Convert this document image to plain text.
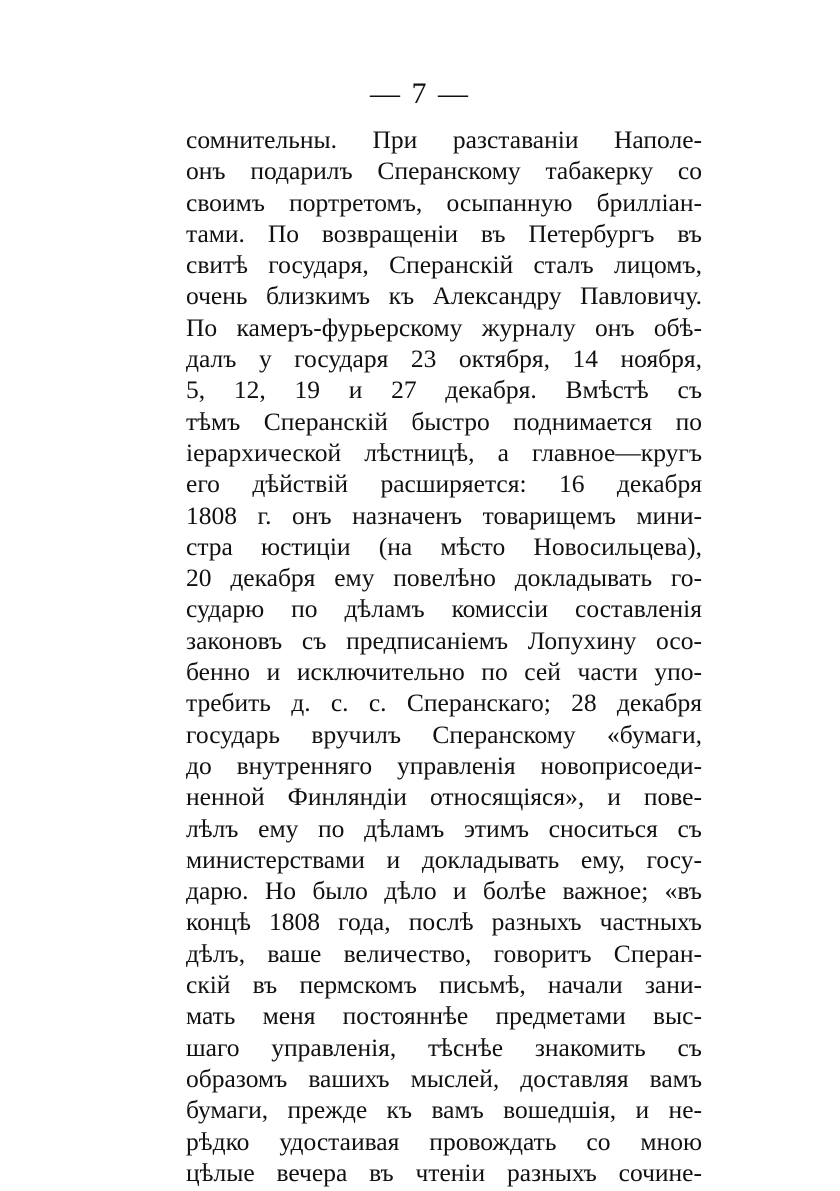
— 7 —
сомнительны. При разставанiи Наполе-
онъ подарилъ Сперанскому табакерку со
своимъ портретомъ, осыпанную брилліан-
тами. По возвращеніи въ Петербургъ въ
свитѣ государя, Сперанскій сталъ лицомъ,
очень близкимъ къ Александру Павловичу.
По камеръ-фурьерскому журналу онъ обѣ-
далъ у государя 23 октября, 14 ноября,
5, 12, 19 и 27 декабря. Вмѣстѣ съ
тѣмъ Сперанскій быстро поднимается по
іерархической лѣстницѣ, а главное—кругъ
его дѣйствій расширяется: 16 декабря
1808 г. онъ назначенъ товарищемъ мини-
стра юстиціи (на мѣсто Новосильцева),
20 декабря ему повелѣно докладывать го-
сударю по дѣламъ комиссіи составленія
законовъ съ предписаніемъ Лопухину осо-
бенно и исключительно по сей части упо-
требить д. с. с. Сперанскаго; 28 декабря
государь вручилъ Сперанскому «бумаги,
до внутренняго управленія новоприсоеди-
ненной Финляндіи относящіяся», и пове-
лѣлъ ему по дѣламъ этимъ сноситься съ
министерствами и докладывать ему, госу-
дарю. Но было дѣло и болѣе важное; «въ
концѣ 1808 года, послѣ разныхъ частныхъ
дѣлъ, ваше величество, говоритъ Сперан-
скій въ пермскомъ письмѣ, начали зани-
мать меня постояннѣе предметами выс-
шаго управленія, тѣснѣе знакомить съ
образомъ вашихъ мыслей, доставляя вамъ
бумаги, прежде къ вамъ вошедшія, и не-
рѣдко удостаивая провождать со мною
цѣлые вечера въ чтеніи разныхъ сочине-
